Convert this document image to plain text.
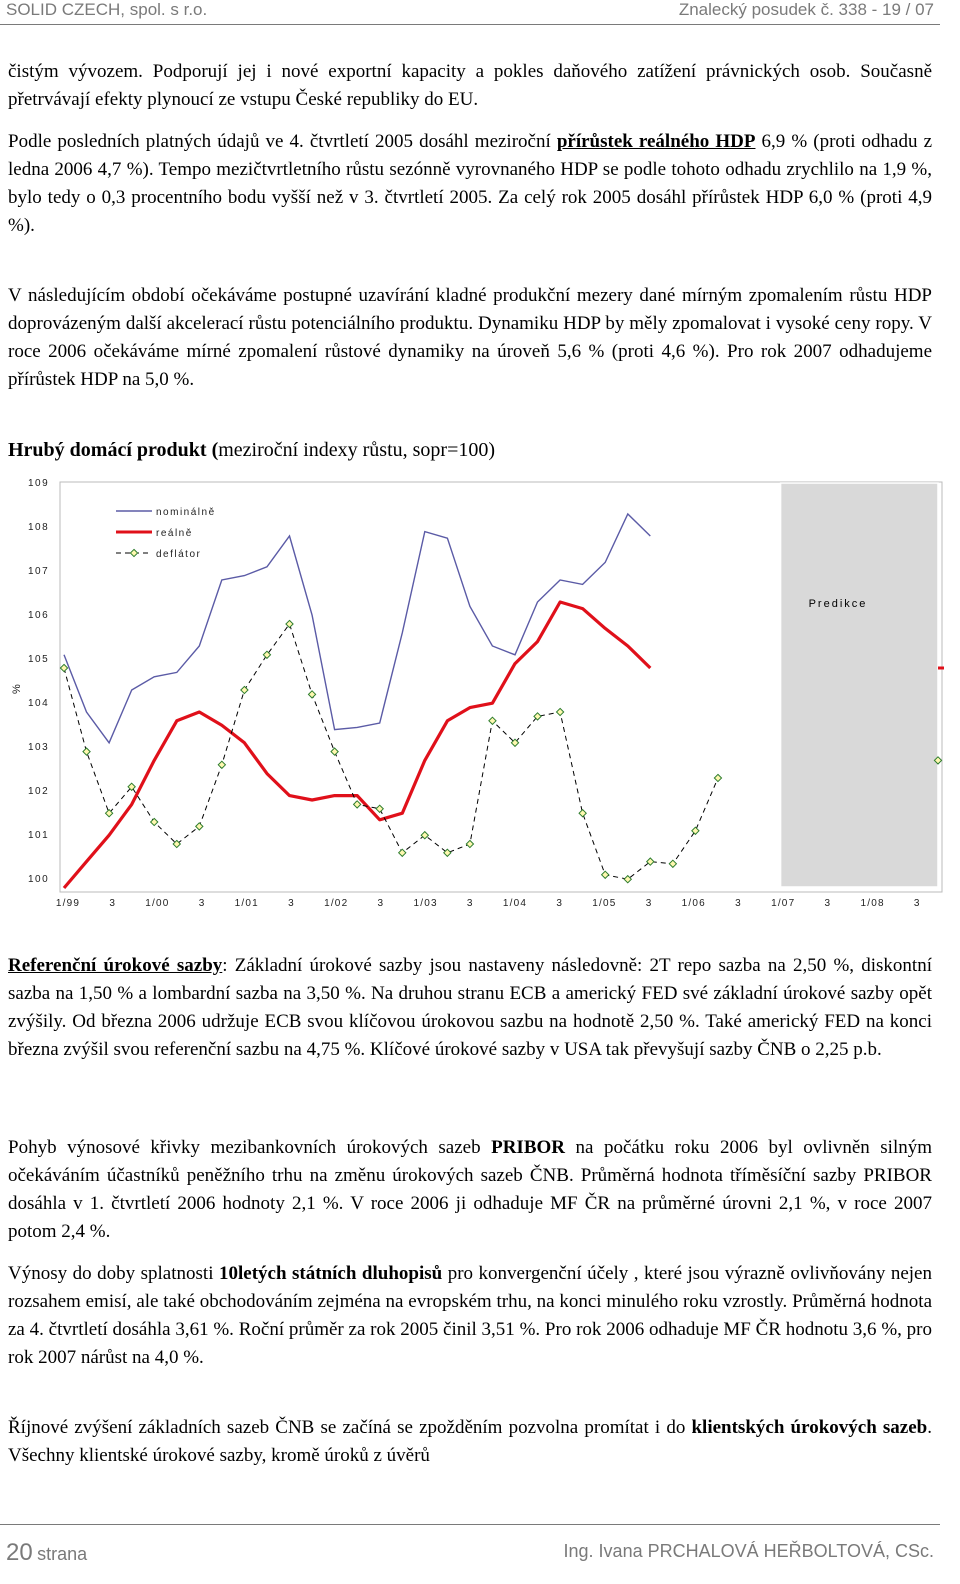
SOLID CZECH, spol. s r.o.	Znalecký posudek č. 338 - 19 / 07

čistým vývozem. Podporují jej i nové exportní kapacity a pokles daňového zatížení právnických osob. Současně přetrvávají efekty plynoucí ze vstupu České republiky do EU.

Podle posledních platných údajů ve 4. čtvrtletí 2005 dosáhl meziroční přírůstek reálného HDP 6,9 % (proti odhadu z ledna 2006 4,7 %). Tempo mezičtvrtletního růstu sezónně vyrovnaného HDP se podle tohoto odhadu zrychlilo na 1,9 %, bylo tedy o 0,3 procentního bodu vyšší než v 3. čtvrtletí 2005. Za celý rok 2005 dosáhl přírůstek HDP 6,0 % (proti 4,9 %).

V následujícím období očekáváme postupné uzavírání kladné produkční mezery dané mírným zpomalením růstu HDP doprovázeným další akcelerací růstu potenciálního produktu. Dynamiku HDP by měly zpomalovat i vysoké ceny ropy. V roce 2006 očekáváme mírné zpomalení růstové dynamiky na úroveň 5,6 % (proti 4,6 %). Pro rok 2007 odhadujeme přírůstek HDP na 5,0 %.

Hrubý domácí produkt (meziroční indexy růstu, sopr=100)

Predikce
109
108
107
106
105
104
103
102
101
100
%
1/99	3	1/00	3	1/01	3	1/02	3	1/03	3	1/04	3	1/05	3	1/06	3	1/07	3	1/08	3
nominálně
reálně
deflátor

Referenční úrokové sazby: Základní úrokové sazby jsou nastaveny následovně: 2T repo sazba na 2,50 %, diskontní sazba na 1,50 % a lombardní sazba na 3,50 %. Na druhou stranu ECB a americký FED své základní úrokové sazby opět zvýšily. Od března 2006 udržuje ECB svou klíčovou úrokovou sazbu na hodnotě 2,50 %. Také americký FED na konci března zvýšil svou referenční sazbu na 4,75 %. Klíčové úrokové sazby v USA tak převyšují sazby ČNB o 2,25 p.b.

Pohyb výnosové křivky mezibankovních úrokových sazeb PRIBOR na počátku roku 2006 byl ovlivněn silným očekáváním účastníků peněžního trhu na změnu úrokových sazeb ČNB. Průměrná hodnota tříměsíční sazby PRIBOR dosáhla v 1. čtvrtletí 2006 hodnoty 2,1 %. V roce 2006 ji odhaduje MF ČR na průměrné úrovni 2,1 %, v roce 2007 potom 2,4 %.

Výnosy do doby splatnosti 10letých státních dluhopisů pro konvergenční účely , které jsou výrazně ovlivňovány nejen rozsahem emisí, ale také obchodováním zejména na evropském trhu, na konci minulého roku vzrostly. Průměrná hodnota za 4. čtvrtletí dosáhla 3,61 %. Roční průměr za rok 2005 činil 3,51 %. Pro rok 2006 odhaduje MF ČR hodnotu 3,6 %, pro rok 2007 nárůst na 4,0 %.

Říjnové zvýšení základních sazeb ČNB se začíná se zpožděním pozvolna promítat i do klientských úrokových sazeb. Všechny klientské úrokové sazby, kromě úroků z úvěrů

20 strana	Ing. Ivana PRCHALOVÁ HEŘBOLTOVÁ, CSc.
